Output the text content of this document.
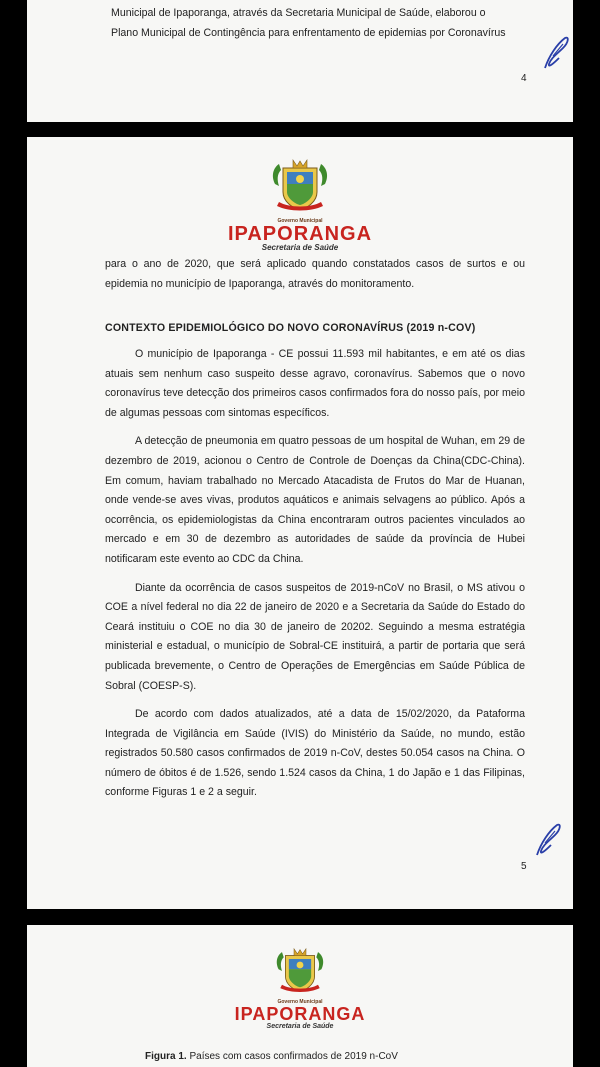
Municipal de Ipaporanga, através da Secretaria Municipal de Saúde, elaborou o

Plano Municipal de Contingência para enfrentamento de epidemias por Coronavírus

4
Governo Municipal
IPAPORANGA
Secretaria de Saúde
para o ano de 2020, que será aplicado quando constatados casos de surtos e ou epidemia no município de Ipaporanga, através do monitoramento.
CONTEXTO EPIDEMIOLÓGICO DO NOVO CORONAVÍRUS (2019 n-COV)

O município de Ipaporanga - CE possui 11.593 mil habitantes, e em até os dias atuais sem nenhum caso suspeito desse agravo, coronavírus. Sabemos que o novo coronavírus teve detecção dos primeiros casos confirmados fora do nosso país, por meio de algumas pessoas com sintomas específicos.

A detecção de pneumonia em quatro pessoas de um hospital de Wuhan, em 29 de dezembro de 2019, acionou o Centro de Controle de Doenças da China(CDC-China). Em comum, haviam trabalhado no Mercado Atacadista de Frutos do Mar de Huanan, onde vende-se aves vivas, produtos aquáticos e animais selvagens ao público. Após a ocorrência, os epidemiologistas da China encontraram outros pacientes vinculados ao mercado e em 30 de dezembro as autoridades de saúde da província de Hubei notificaram este evento ao CDC da China.

Diante da ocorrência de casos suspeitos de 2019-nCoV no Brasil, o MS ativou o COE a nível federal no dia 22 de janeiro de 2020 e a Secretaria da Saúde do Estado do Ceará instituiu o COE no dia 30 de janeiro de 20202. Seguindo a mesma estratégia ministerial e estadual, o município de Sobral-CE instituirá, a partir de portaria que será publicada brevemente, o Centro de Operações de Emergências em Saúde Pública de Sobral (COESP-S).

De acordo com dados atualizados, até a data de 15/02/2020, da Pataforma Integrada de Vigilância em Saúde (IVIS) do Ministério da Saúde, no mundo, estão registrados 50.580 casos confirmados de 2019 n-CoV, destes 50.054 casos na China. O número de óbitos é de 1.526, sendo 1.524 casos da China, 1 do Japão e 1 das Filipinas, conforme Figuras 1 e 2 a seguir.

5
Governo Municipal
IPAPORANGA
Secretaria de Saúde
Figura 1. Países com casos confirmados de 2019 n-CoV
